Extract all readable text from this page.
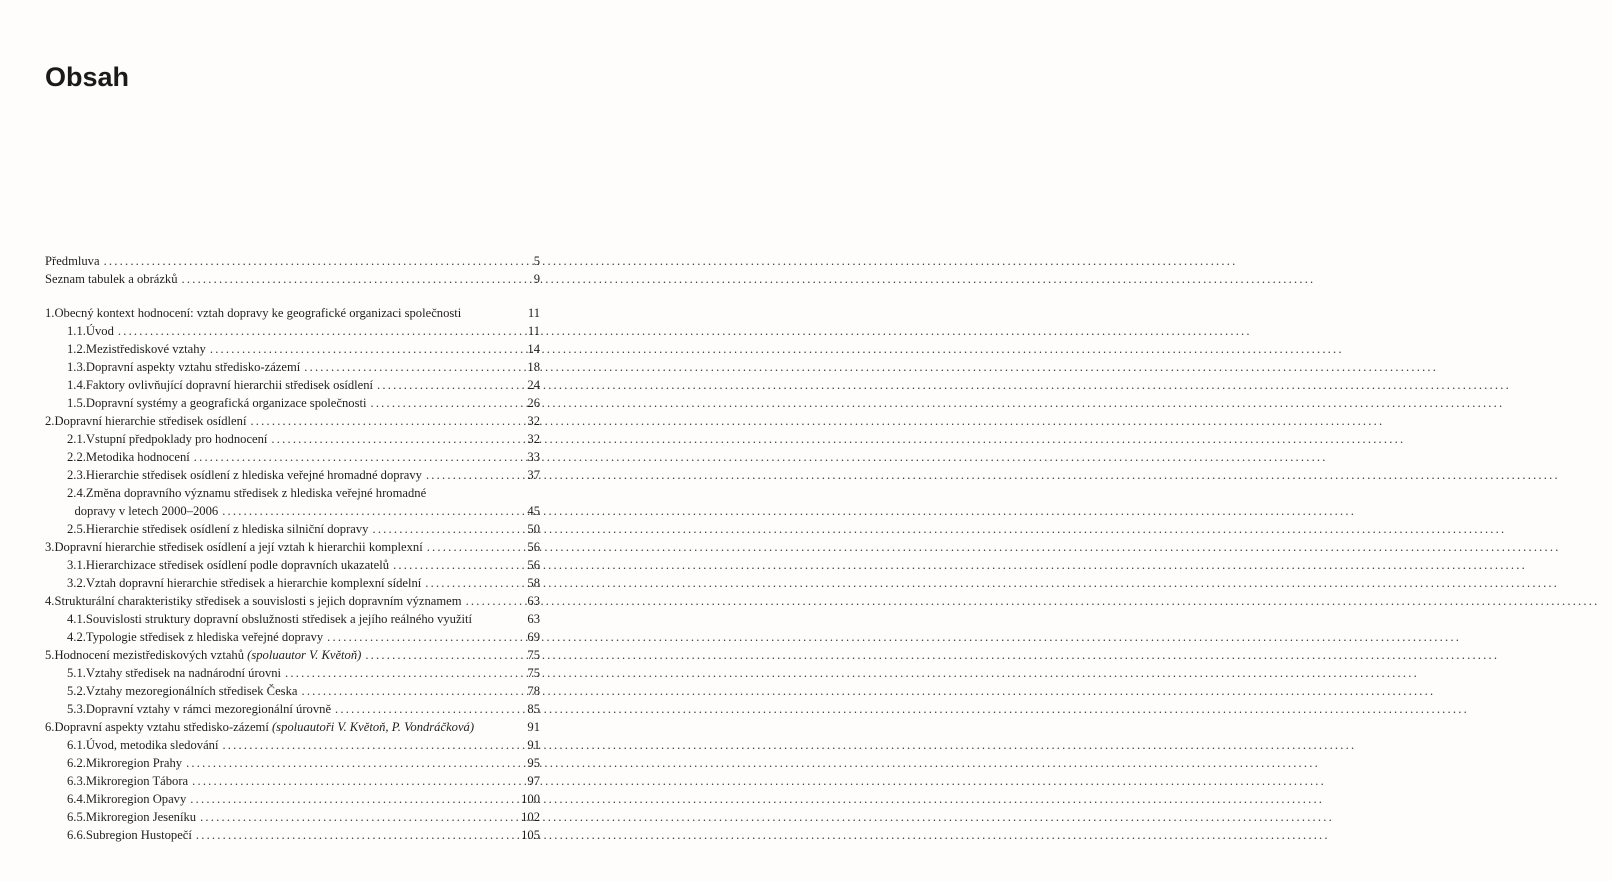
Obsah
Předmluva .....	5
Seznam tabulek a obrázků .....	9
1. Obecný kontext hodnocení: vztah dopravy ke geografické organizaci společnosti	11
1.1. Úvod .....	11
1.2. Mezistřediskové vztahy .....	14
1.3. Dopravní aspekty vztahu středisko-zázemí .....	18
1.4. Faktory ovlivňující dopravní hierarchii středisek osídlení .....	24
1.5. Dopravní systémy a geografická organizace společnosti .....	26
2. Dopravní hierarchie středisek osídlení .....	32
2.1. Vstupní předpoklady pro hodnocení .....	32
2.2. Metodika hodnocení .....	33
2.3. Hierarchie středisek osídlení z hlediska veřejné hromadné dopravy .....	37
2.4. Změna dopravního významu středisek z hlediska veřejné hromadné
dopravy v letech 2000–2006 .....	45
2.5. Hierarchie středisek osídlení z hlediska silniční dopravy .....	50
3. Dopravní hierarchie středisek osídlení a její vztah k hierarchii komplexní .....	56
3.1. Hierarchizace středisek osídlení podle dopravních ukazatelů .....	56
3.2. Vztah dopravní hierarchie středisek a hierarchie komplexní sídelní .....	58
4. Strukturální charakteristiky středisek a souvislosti s jejich dopravním významem .....	63
4.1. Souvislosti struktury dopravní obslužnosti středisek a jejího reálného využití	63
4.2. Typologie středisek z hlediska veřejné dopravy .....	69
5. Hodnocení mezistřediskových vztahů (spoluautor V. Květoň) .....	75
5.1. Vztahy středisek na nadnárodní úrovni .....	75
5.2. Vztahy mezoregionálních středisek Česka .....	78
5.3. Dopravní vztahy v rámci mezoregionální úrovně .....	85
6. Dopravní aspekty vztahu středisko-zázemí (spoluautoři V. Květoň, P. Vondráčková)	91
6.1. Úvod, metodika sledování .....	91
6.2. Mikroregion Prahy .....	95
6.3. Mikroregion Tábora .....	97
6.4. Mikroregion Opavy .....	100
6.5. Mikroregion Jeseníku .....	102
6.6. Subregion Hustopečí .....	105
